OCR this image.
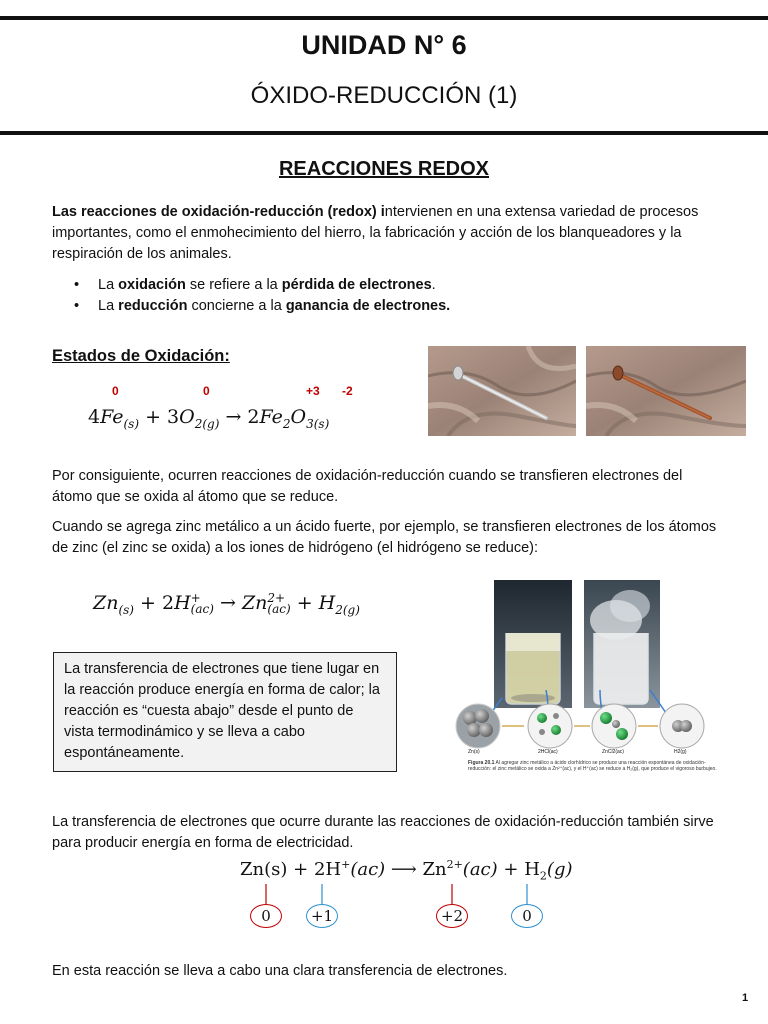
UNIDAD N° 6
ÓXIDO-REDUCCIÓN (1)
REACCIONES REDOX
Las reacciones de oxidación-reducción (redox) intervienen en una extensa variedad de procesos importantes, como el enmohecimiento del hierro, la fabricación y acción de los blanqueadores y la respiración de los animales.
• La oxidación se refiere a la pérdida de electrones.
• La reducción concierne a la ganancia de electrones.
Estados de Oxidación:
0	0	+3 -2
$4Fe_{(s)} + 3O_{2(g)} \to 2Fe_2O_{3(s)}$
Por consiguiente, ocurren reacciones de oxidación-reducción cuando se transfieren electrones del átomo que se oxida al átomo que se reduce.
Cuando se agrega zinc metálico a un ácido fuerte, por ejemplo, se transfieren electrones de los átomos de zinc (el zinc se oxida) a los iones de hidrógeno (el hidrógeno se reduce):
$Zn_{(s)} + 2H$ +
(ac) → Zn 2+
$(ac) + H_{2(g)}$
La transferencia de electrones que tiene lugar en la reacción produce energía en forma de calor; la reacción es “cuesta abajo” desde el punto de vista termodinámico y se lleva a cabo espontáneamente.	Zn(s)	2HCl(ac)	ZnCl2(ac)	H2(g)
Figura 20.1 Al agregar zinc metálico a ácido clorhídrico se produce una reacción espontánea de oxidación-reducción: el zinc metálico se oxida a Zn²⁺(ac), y el H⁺(ac) se reduce a H₂(g), que produce el vigoroso burbujeo.
La transferencia de electrones que ocurre durante las reacciones de oxidación-reducción también sirve para producir energía en forma de electricidad.
Zn(s) + 2H+(ac) ⟶ $Zn^{2+}(ac) + H_2(g)$
0	+1	+2	0
En esta reacción se lleva a cabo una clara transferencia de electrones.
1
